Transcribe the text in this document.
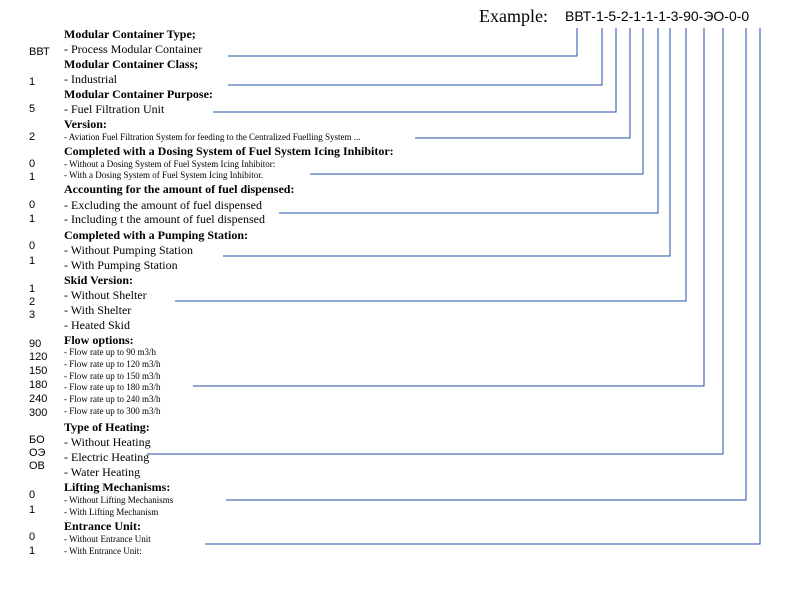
Example: ВВТ-1-5-2-1-1-1-3-90-ЭО-0-0
Modular Container Type;
ВВТ - Process Modular Container
Modular Container Class;
1 - Industrial
Modular Container Purpose:
5 - Fuel Filtration Unit
Version:
2	- Aviation Fuel Filtration System for feeding to the Centralized Fuelling System ...
Completed with a Dosing System of Fuel System Icing Inhibitor:
0
1
- Without a Dosing System of Fuel System Icing Inhibitor:
- With a Dosing System of Fuel System Icing Inhibitor.
Accounting for the amount of fuel dispensed:
0
1
- Excluding the amount of fuel dispensed
- Including t the amount of fuel dispensed
Completed with a Pumping Station:
0
1
- Without Pumping Station
- With Pumping Station
Skid Version:
1
2
3
- Without Shelter
- With Shelter
- Heated Skid
Flow options:
90
120
150
180
240
300
- Flow rate up to 90 m3/h
- Flow rate up to 120 m3/h
- Flow rate up to 150 m3/h
- Flow rate up to 180 m3/h
- Flow rate up to 240 m3/h
- Flow rate up to 300 m3/h
Type of Heating:
БО
ОЭ
ОВ
- Without Heating
- Electric Heating
- Water Heating
Lifting Mechanisms:
0
1
- Without Lifting Mechanisms
- With Lifting Mechanism
Entrance Unit:
0
1
- Without Entrance Unit
- With Entrance Unit:
